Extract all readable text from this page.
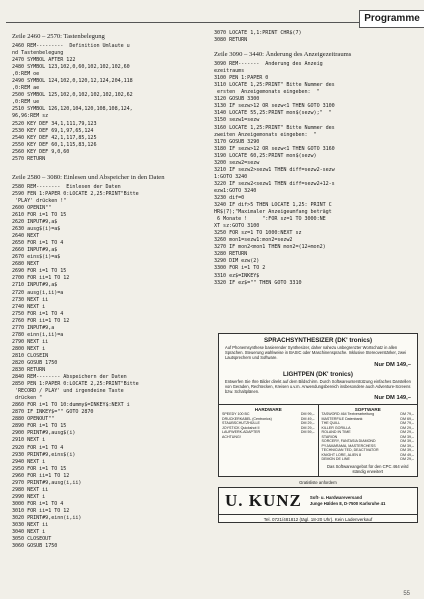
Programme
Zeile 2460 – 2570: Tastenbelegung
2460 REM---------  Definition Umlaute u
nd Tastenbelegung
2470 SYMBOL AFTER 122
2480 SYMBOL 123,102,0,60,102,102,102,60
,0:REM oe
2490 SYMBOL 124,102,0,120,12,124,204,118
,0:REM ae
2500 SYMBOL 125,102,0,102,102,102,102,62
,0:REM ue
2510 SYMBOL 126,120,104,120,108,108,124,
96,96:REM sz
2520 KEY DEF 34,1,111,79,123
2530 KEY DEF 69,1,97,65,124
2540 KEY DEF 42,1,117,85,125
2550 KEY DEF 60,1,115,83,126
2560 KEY DEF 9,0,60
2570 RETURN
Zeile 2580 – 3080: Einlesen und Abspeicher in den Daten
2580 REM--------  Einlesen der Daten
2590 FEN 1:PAPER 0:LOCATE 2,25:PRINT"Bitte
'PLAY' drücken !"
2600 OPENIN""
2610 FOR i=1 TO 15
2620 INPUT#9,a$
2630 ausg$(i)=a$
2640 NEXT
2650 FOR i=1 TO 4
2660 INPUT#9,a$
2670 eins$(i)=a$
2680 NEXT
2690 FOR i=1 TO 15
2700 FOR ii=1 TO 12
2710 INPUT#9,a$
2720 ausg(i,ii)=a
2730 NEXT ii
2740 NEXT i
2750 FOR i=1 TO 4
2760 FOR ii=1 TO 12
2770 INPUT#9,a
2780 einn(i,ii)=a
2790 NEXT ii
2800 NEXT i
2810 CLOSEIN
2820 GOSUB 1750
2830 RETURN
2840 REM-------- Abspeichern der Daten
2850 PEN 1:PAPER 0:LOCATE 2,25:PRINT"Bitte
'RECORD / PLAY' und irgendeine Taste
drücken "
2860 FOR i=1 TO 10:dummy$=INKEY$:NEXT i
2870 IF INKEY$="" GOTO 2870
2880 OPENOUT""
2890 FOR i=1 TO 15
2900 PRINT#9,ausg$(i)
2910 NEXT i
2920 FOR i=1 TO 4
2930 PRINT#9,eins$(i)
2940 NEXT i
2950 FOR i=1 TO 15
2960 FOR ii=1 TO 12
2970 PRINT#9,ausg(i,ii)
2980 NEXT ii
2990 NEXT i
3000 FOR i=1 TO 4
3010 FOR ii=1 TO 12
3020 PRINT#9,einn(i,ii)
3030 NEXT ii
3040 NEXT i
3050 CLOSEOUT
3060 GOSUB 1750
3070 LOCATE 1,1:PRINT CHR$(7)
3080 RETURN
Zeile 3090 – 3440: Änderung des Anzeigezeitraums
3090 REM-------  Änderung des Anzeig
ezeitraums
3100 PEN 1:PAPER 0
3110 LOCATE 1,25:PRINT" Bitte Nummer des
ersten  Anzeigemonats eingeben:  "
3120 GOSUB 3300
3130 IF sezw>12 OR sezw<1 THEN GOTO 3100
3140 LOCATE 55,25:PRINT mon$(sezw);"  "
3150 sezw1=sezw
3160 LOCATE 1,25:PRINT" Bitte Nummer des
zweiten Anzeigemonats eingeben:  "
3170 GOSUB 3290
3180 IF sezw>12 OR sezw<1 THEN GOTO 3160
3190 LOCATE 60,25:PRINT mon$(sezw)
3200 sezw2=sezw
3210 IF sezw2>sezw1 THEN diff=sezw2-sezw
1:GOTO 3240
3220 IF sezw2<sezw1 THEN diff=sezw2+12-s
ezw1:GOTO 3240
3230 dif=0
3240 IF dif>5 THEN LOCATE 1,25: PRINT C
HR$(7);"Maximaler Anzeigeumfang beträgt
6 Monate !     ":FOR sz=1 TO 3000:NE
XT sz:GOTO 3100
3250 FOR sz=1 TO 1000:NEXT sz
3260 mon1=sezw1:mon2=sezw2
3270 IF mon2<mon1 THEN mon2=(12+mon2)
3280 RETURN
3290 DIM ezw(2)
3300 FOR i=1 TO 2
3310 ez$=INKEY$
3320 IF ez$="" THEN GOTO 3310
SPRACHSYNTHESIZER (DK' tronics)
Auf Phonemsynthese basierender Synthesizer, daher nahezu unbegrenzter Wortschatz in allen Sprachen. Steuerung wahlweise in BASIC oder Maschinensprache. Inklusive Stereoverstärker, zwei Lautsprechern und Software.
Nur DM 149,–
LIGHTPEN (DK' tronics)
Entwerfen Sie Ihre Bilder direkt auf dem Bildschirm. Durch Softwareunterstützung einfaches Darstellen von Geraden, Rechtecken, Kreisen u.v.m. Anwendungsbereich insbesondere auch Adventure-Screens bzw. Schaltplänen.
Nur DM 149,–
HARDWARE
SPEEDY 100 BC	DM 99,–
DRUCKERKABEL (Centronics)	DM 49,–
STAUBSCHUTZHÜLLE	DM 29,–
JOYSTICK Quickshot II	DM 29,–
LAUFWERK-ADAPTER	DM 59,–
ACHTUNG!
SOFTWARE
TASWORD 464 Textverarbeitung	DM 79,–
MASTERFILE Datenbank	DM 69,–
THE QUILL	DM 79,–
KILLER GORILLA	DM 29,–
ROLAND IN TIME	DM 29,–
STARION	DM 39,–
SORCERY, FANTASIA DIAMOND	DM 39,–
PYJAMARAMA, MASTERCHESS	DM 39,–
TECHNICIAN TED, DEACTIVATOR	DM 39,–
KNIGHT LORE, ALIEN 8	DM 49,–
DEMON DE LINE	DM 29,–
Das Softwareangebot für den CPC 464 wird ständig erweitert
Gratisliste anfordern
U. KUNZ Soft- u. Hardwareversand
Junge Hälden 8, D-7500 Karlsruhe 41
Tel. 0721/481812 (tägl. 18-20 Uhr). Kein Ladenverkauf
55
